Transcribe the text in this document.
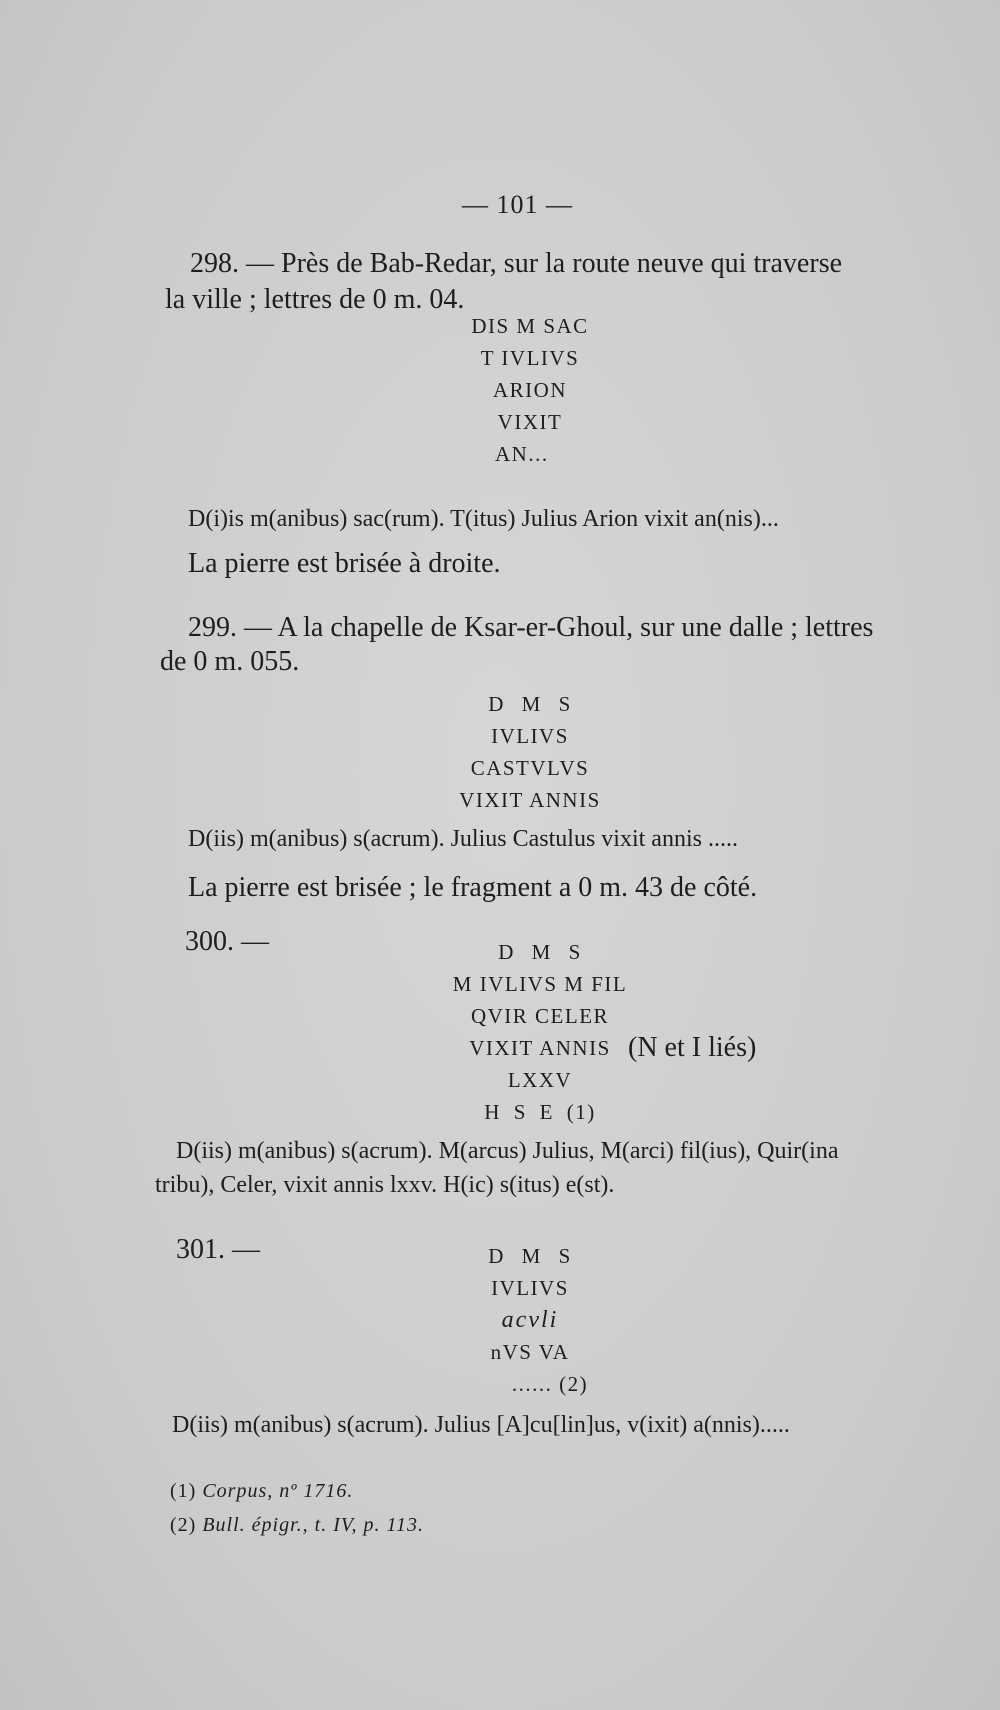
— 101 —
298. — Près de Bab-Redar, sur la route neuve qui traverse
la ville ; lettres de 0 m. 04.
DIS M SAC
T IVLIVS
ARION
VIXIT
AN...
D(i)is m(anibus) sac(rum). T(itus) Julius Arion vixit an(nis)...
La pierre est brisée à droite.
299. — A la chapelle de Ksar-er-Ghoul, sur une dalle ; lettres
de 0 m. 055.
D M S
IVLIVS
CASTVLVS
VIXIT ANNIS
D(iis) m(anibus) s(acrum). Julius Castulus vixit annis .....
La pierre est brisée ; le fragment a 0 m. 43 de côté.
300. —	D M S
M IVLIVS M FIL
QVIR CELER
VIXIT ANNIS
LXXV
H S E (1)
(N et I liés)
D(iis) m(anibus) s(acrum). M(arcus) Julius, M(arci) fil(ius), Quir(ina
tribu), Celer, vixit annis lxxv. H(ic) s(itus) e(st).
301. —	D M S
IVLIVS
acvli
nVS VA
...... (2)
D(iis) m(anibus) s(acrum). Julius [A]cu[lin]us, v(ixit) a(nnis).....
(1) Corpus, nº 1716.
(2) Bull. épigr., t. IV, p. 113.
